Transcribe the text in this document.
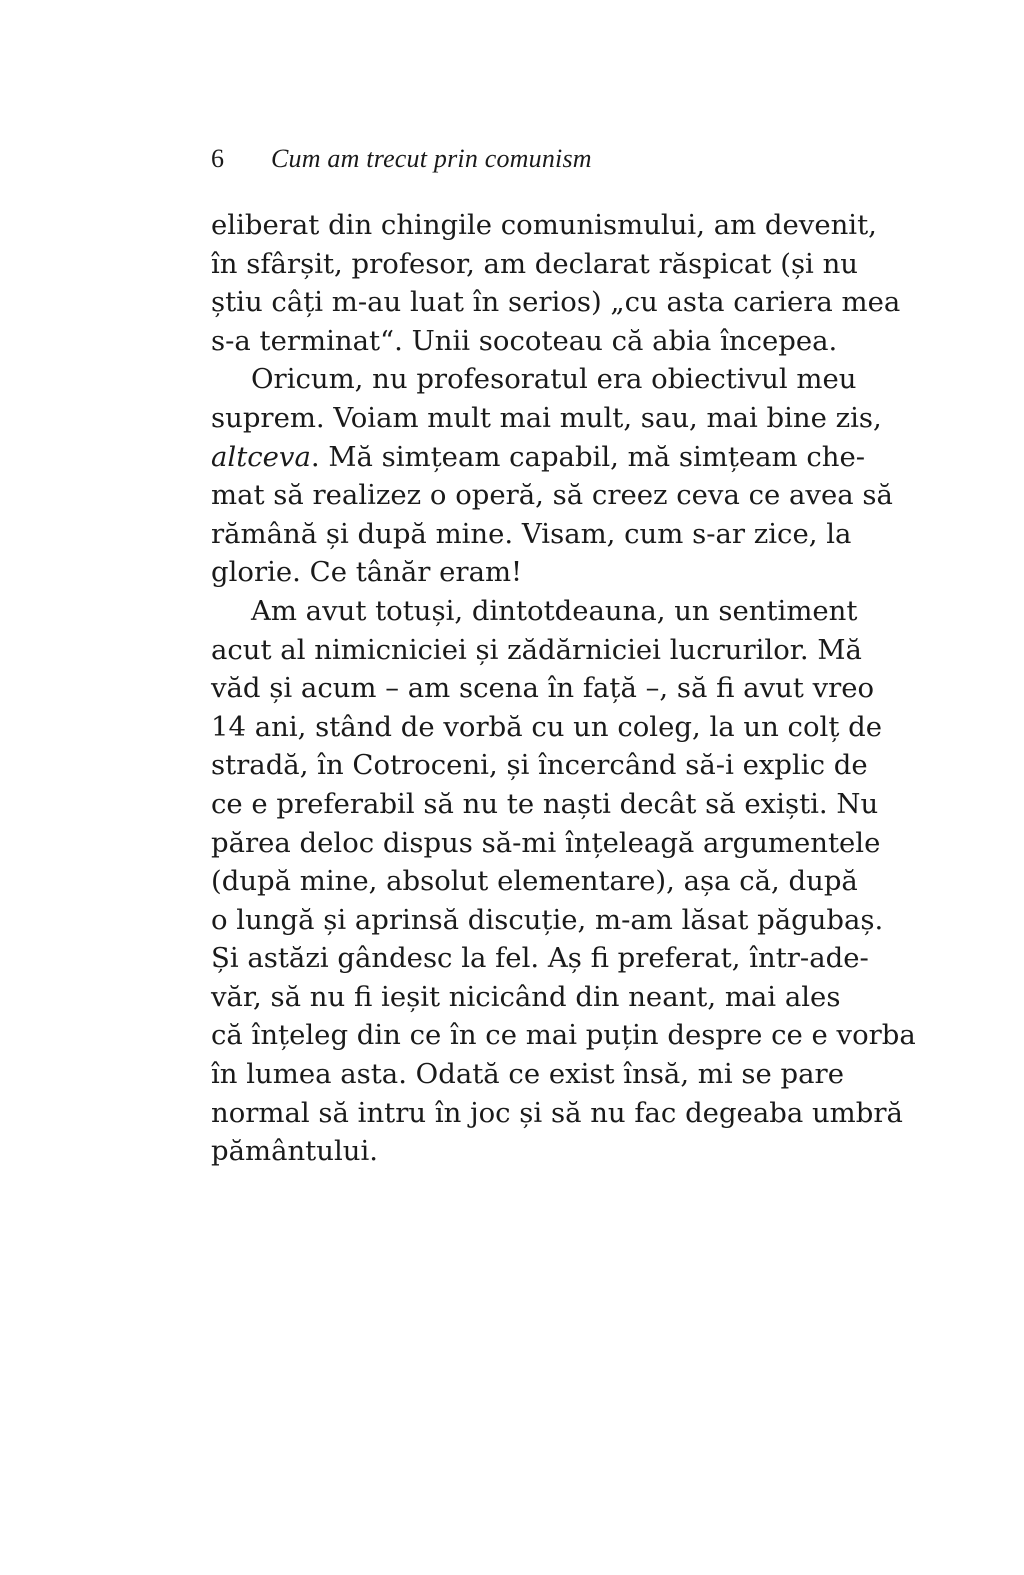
6 Cum am trecut prin comunism
eliberat din chingile comunismului, am devenit,
în sfârșit, profesor, am declarat răspicat (și nu
știu câți m-au luat în serios) „cu asta cariera mea
s-a terminat“. Unii socoteau că abia începea.
Oricum, nu profesoratul era obiectivul meu
suprem. Voiam mult mai mult, sau, mai bine zis,
altceva. Mă simțeam capabil, mă simțeam che-
mat să realizez o operă, să creez ceva ce avea să
rămână și după mine. Visam, cum s-ar zice, la
glorie. Ce tânăr eram!
Am avut totuși, dintotdeauna, un sentiment
acut al nimicniciei și zădărniciei lucrurilor. Mă
văd și acum – am scena în față –, să fi avut vreo
14 ani, stând de vorbă cu un coleg, la un colț de
stradă, în Cotroceni, și încercând să-i explic de
ce e preferabil să nu te naști decât să exiști. Nu
părea deloc dispus să-mi înțeleagă argumentele
(după mine, absolut elementare), așa că, după
o lungă și aprinsă discuție, m-am lăsat păgubaș.
Și astăzi gândesc la fel. Aș fi preferat, într-ade-
văr, să nu fi ieșit nicicând din neant, mai ales
că înțeleg din ce în ce mai puțin despre ce e vorba
în lumea asta. Odată ce exist însă, mi se pare
normal să intru în joc și să nu fac degeaba umbră
pământului.
